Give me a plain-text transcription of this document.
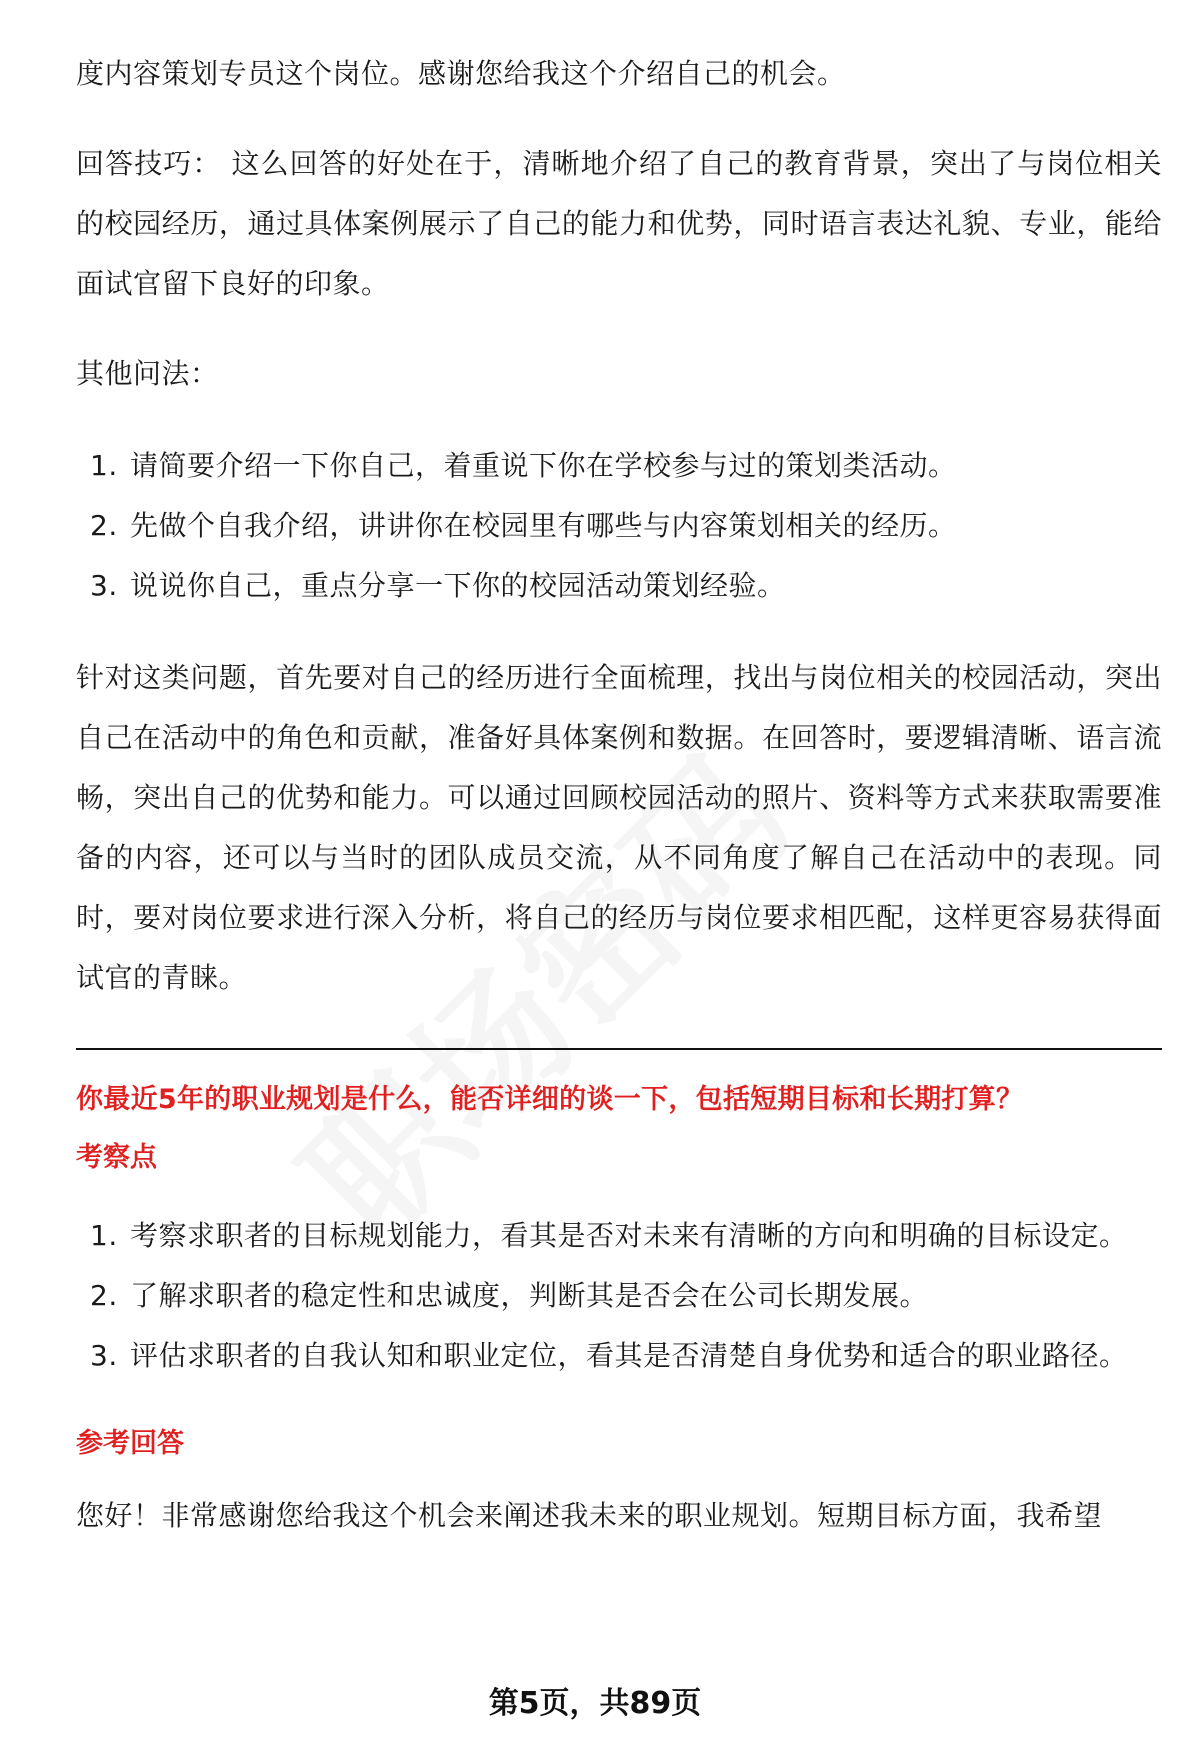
度内容策划专员这个岗位。感谢您给我这个介绍自己的机会。

回答技巧： 这么回答的好处在于，清晰地介绍了自己的教育背景，突出了与岗位相关的校园经历，通过具体案例展示了自己的能力和优势，同时语言表达礼貌、专业，能给面试官留下良好的印象。

其他问法：

1. 请简要介绍一下你自己，着重说下你在学校参与过的策划类活动。
2. 先做个自我介绍，讲讲你在校园里有哪些与内容策划相关的经历。
3. 说说你自己，重点分享一下你的校园活动策划经验。

针对这类问题，首先要对自己的经历进行全面梳理，找出与岗位相关的校园活动，突出自己在活动中的角色和贡献，准备好具体案例和数据。在回答时，要逻辑清晰、语言流畅，突出自己的优势和能力。可以通过回顾校园活动的照片、资料等方式来获取需要准备的内容，还可以与当时的团队成员交流，从不同角度了解自己在活动中的表现。同时，要对岗位要求进行深入分析，将自己的经历与岗位要求相匹配，这样更容易获得面试官的青睐。

你最近5年的职业规划是什么，能否详细的谈一下，包括短期目标和长期打算？

考察点

1. 考察求职者的目标规划能力，看其是否对未来有清晰的方向和明确的目标设定。
2. 了解求职者的稳定性和忠诚度，判断其是否会在公司长期发展。
3. 评估求职者的自我认知和职业定位，看其是否清楚自身优势和适合的职业路径。

参考回答

您好！非常感谢您给我这个机会来阐述我未来的职业规划。短期目标方面，我希望

第5页，共89页
